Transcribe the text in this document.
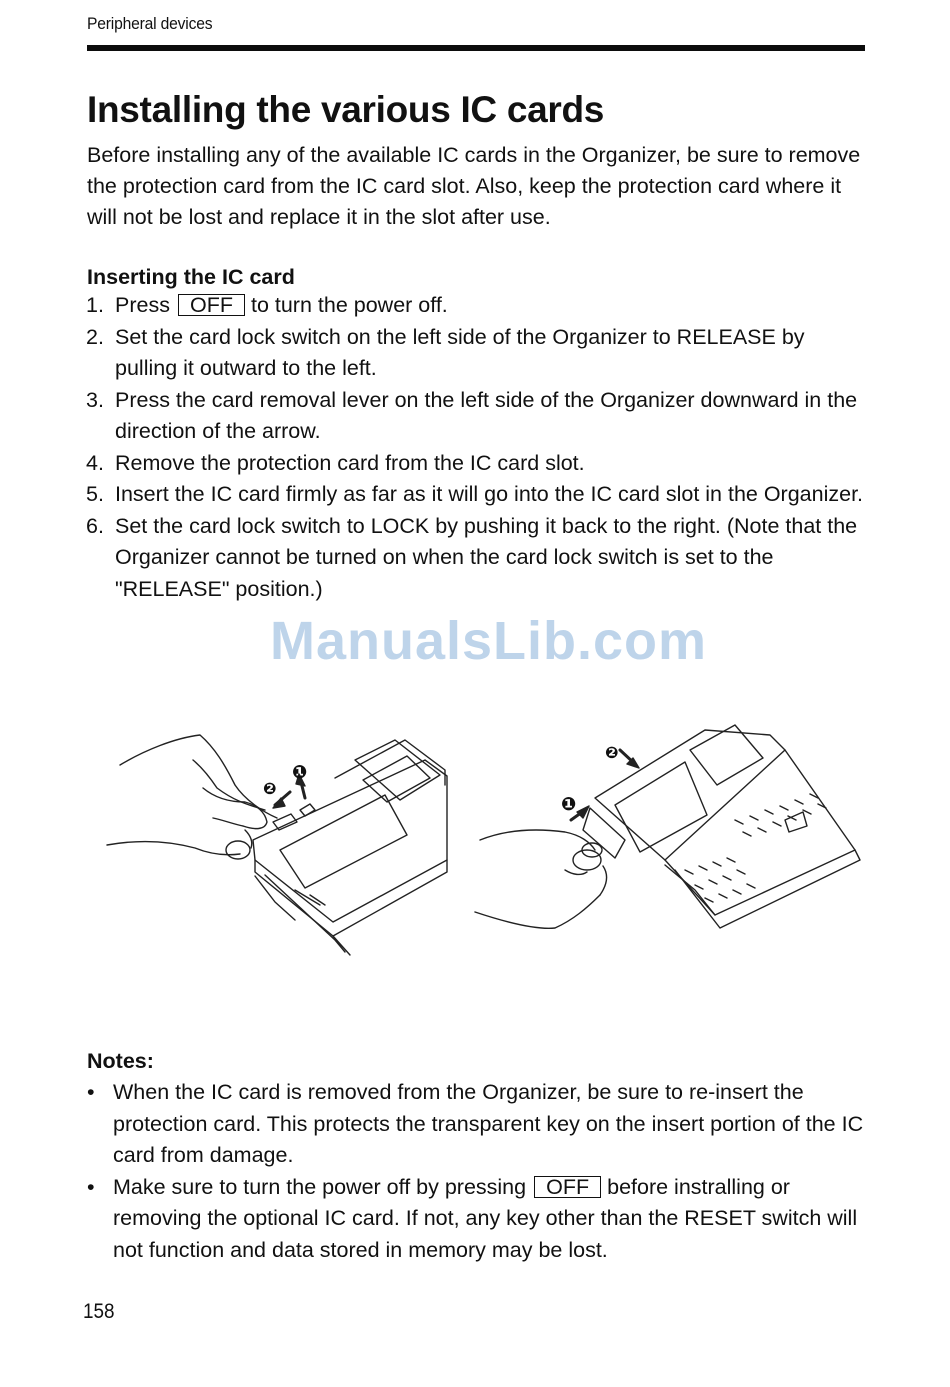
Peripheral devices
Installing the various IC cards

Before installing any of the available IC cards in the Organizer, be sure to remove the protection card from the IC card slot. Also, keep the protection card where it will not be lost and replace it in the slot after use.

Inserting the IC card
1. Press OFF to turn the power off.
2. Set the card lock switch on the left side of the Organizer to RELEASE by pulling it outward to the left.
3. Press the card removal lever on the left side of the Organizer downward in the direction of the arrow.
4. Remove the protection card from the IC card slot.
5. Insert the IC card firmly as far as it will go into the IC card slot in the Organizer.
6. Set the card lock switch to LOCK by pushing it back to the right. (Note that the Organizer cannot be turned on when the card lock switch is set to the "RELEASE" position.)
ManualsLib.com
❶
❷
❷
❶
Notes:
• When the IC card is removed from the Organizer, be sure to re-insert the protection card. This protects the transparent key on the insert portion of the IC card from damage.
• Make sure to turn the power off by pressing OFF before instralling or removing the optional IC card. If not, any key other than the RESET switch will not function and data stored in memory may be lost.
158
